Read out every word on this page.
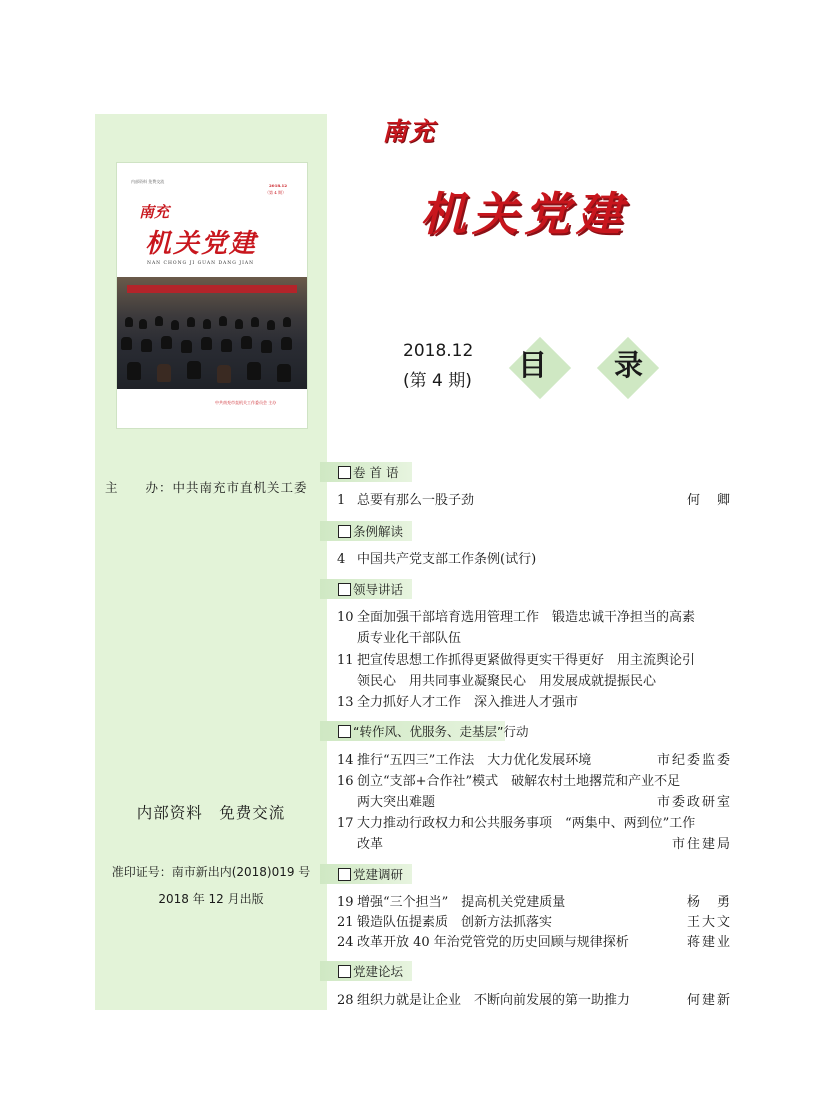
内部资料 免费交流
2018.12
（第 4 期）
南充
机关党建
NAN CHONG JI GUAN DANG JIAN
中共南充市直机关工作委员会 主办
主　　办：中共南充市直机关工委
内部资料　免费交流
准印证号：南市新出内(2018)019 号
2018 年 12 月出版
南充
机关党建
2018.12
(第 4 期) 目 录
卷 首 语
条例解读
领导讲话
“转作风、优服务、走基层”行动
党建调研
党建论坛
1 总要有那么一股子劲	何　卿
4 中国共产党支部工作条例(试行)
10 全面加强干部培育选用管理工作　锻造忠诚干净担当的高素
质专业化干部队伍
11 把宣传思想工作抓得更紧做得更实干得更好　用主流舆论引
领民心　用共同事业凝聚民心　用发展成就提振民心
13 全力抓好人才工作　深入推进人才强市
14 推行“五四三”工作法　大力优化发展环境	市纪委监委
16 创立“支部+合作社”模式　破解农村土地撂荒和产业不足
两大突出难题	市委政研室
17 大力推动行政权力和公共服务事项　“两集中、两到位”工作
改革	市住建局
19 增强“三个担当”　提高机关党建质量	杨　勇
21 锻造队伍提素质　创新方法抓落实	王大文
24 改革开放 40 年治党管党的历史回顾与规律探析	蒋建业
28 组织力就是让企业　不断向前发展的第一助推力	何建新
